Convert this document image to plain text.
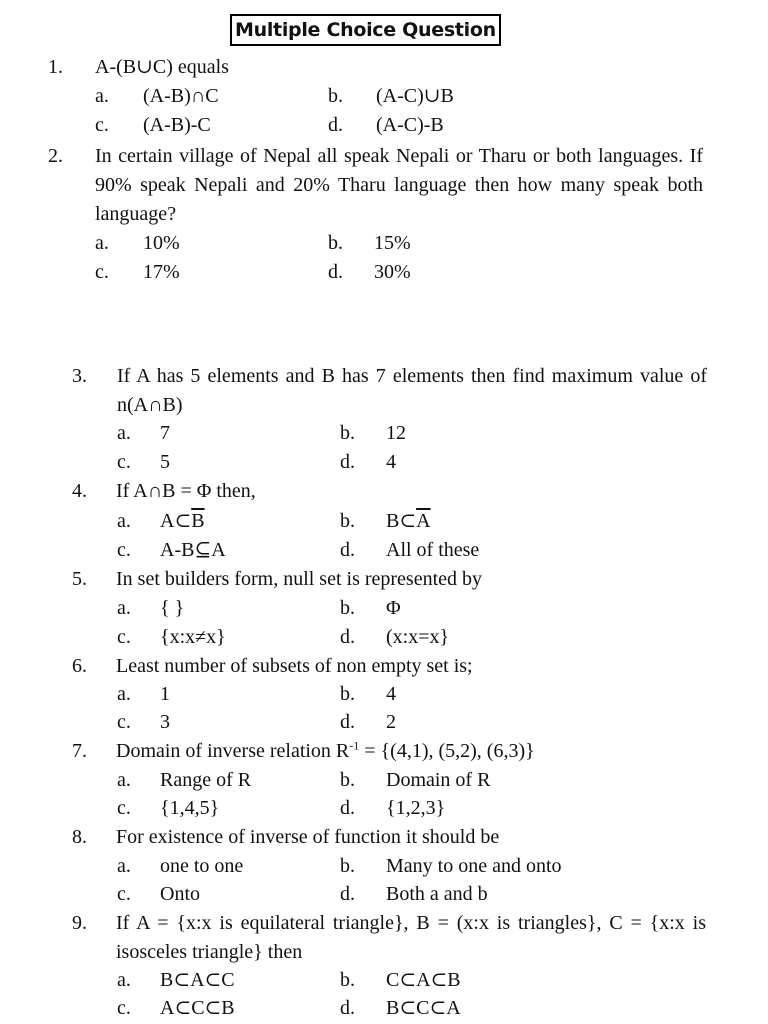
Multiple Choice Question
1. A-(B∪C) equals
a. (A-B)∩C	b. (A-C)∪B
c. (A-B)-C	d. (A-C)-B
2. In certain village of Nepal all speak Nepali or Tharu or both languages. If 90% speak Nepali and 20% Tharu language then how many speak both language?
a. 10%	b. 15%
c. 17%	d. 30%
3. If A has 5 elements and B has 7 elements then find maximum value of n(A∩B)
a. 7	b. 12
c. 5	d. 4
4. If A∩B = Φ then,
a. $A\subset\overline{B}$	b. $B\subset\overline{A}$
c. A-B⊆A	d. All of these
5. In set builders form, null set is represented by
a. { }	b. Φ
c. {x:x≠x}	d. (x:x=x}
6. Least number of subsets of non empty set is;
a. 1	b. 4
c. 3	d. 2
7. Domain of inverse relation $R^{-1} = \{(4,1)$, (5,2), (6,3)}
a. Range of R	b. Domain of R
c. {1,4,5}	d. {1,2,3}
8. For existence of inverse of function it should be
a. one to one	b. Many to one and onto
c. Onto	d. Both a and b
9. If A = {x:x is equilateral triangle}, B = (x:x is triangles}, C = {x:x is isosceles triangle} then
a. B⊂A⊂C	b. C⊂A⊂B
c. A⊂C⊂B	d. B⊂C⊂A
